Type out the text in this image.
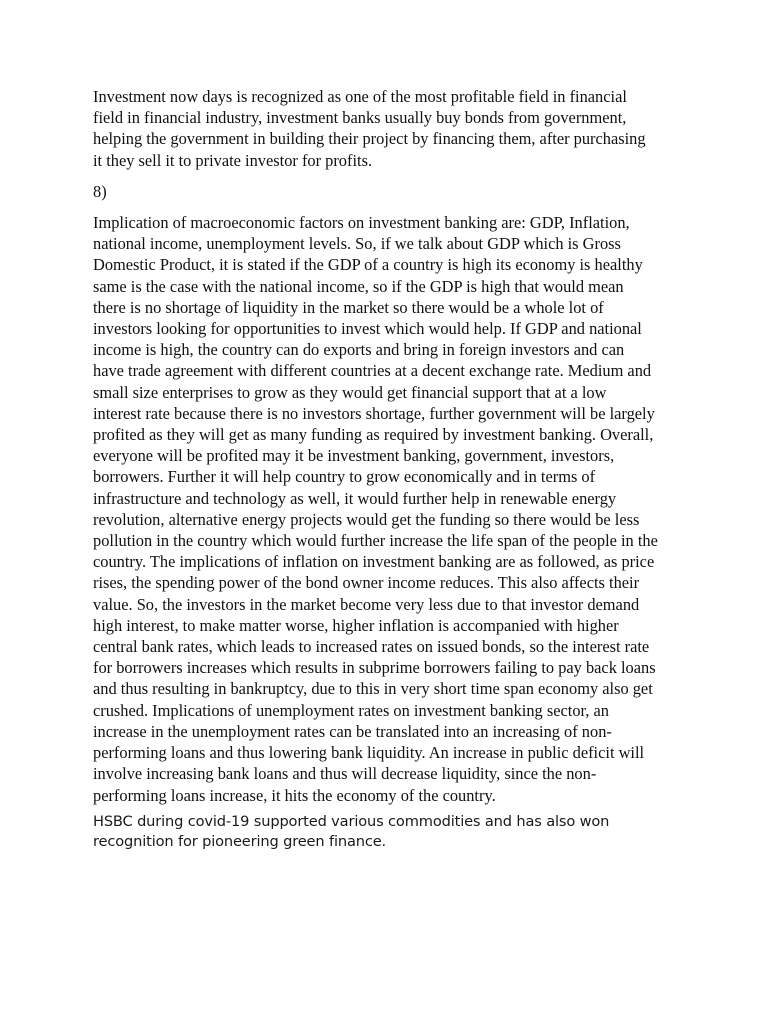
Investment now days is recognized as one of the most profitable field in financial field in financial industry, investment banks usually buy bonds from government, helping the government in building their project by financing them, after purchasing it they sell it to private investor for profits.

8)

Implication of macroeconomic factors on investment banking are: GDP, Inflation, national income, unemployment levels. So, if we talk about GDP which is Gross Domestic Product, it is stated if the GDP of a country is high its economy is healthy same is the case with the national income, so if the GDP is high that would mean there is no shortage of liquidity in the market so there would be a whole lot of investors looking for opportunities to invest which would help. If GDP and national income is high, the country can do exports and bring in foreign investors and can have trade agreement with different countries at a decent exchange rate. Medium and small size enterprises to grow as they would get financial support that at a low interest rate because there is no investors shortage, further government will be largely profited as they will get as many funding as required by investment banking. Overall, everyone will be profited may it be investment banking, government, investors, borrowers. Further it will help country to grow economically and in terms of infrastructure and technology as well, it would further help in renewable energy revolution, alternative energy projects would get the funding so there would be less pollution in the country which would further increase the life span of the people in the country. The implications of inflation on investment banking are as followed, as price rises, the spending power of the bond owner income reduces. This also affects their value. So, the investors in the market become very less due to that investor demand high interest, to make matter worse, higher inflation is accompanied with higher central bank rates, which leads to increased rates on issued bonds, so the interest rate for borrowers increases which results in subprime borrowers failing to pay back loans and thus resulting in bankruptcy, due to this in very short time span economy also get crushed. Implications of unemployment rates on investment banking sector, an increase in the unemployment rates can be translated into an increasing of non-performing loans and thus lowering bank liquidity. An increase in public deficit will involve increasing bank loans and thus will decrease liquidity, since the non-performing loans increase, it hits the economy of the country.

HSBC during covid-19 supported various commodities and has also won recognition for pioneering green finance.
